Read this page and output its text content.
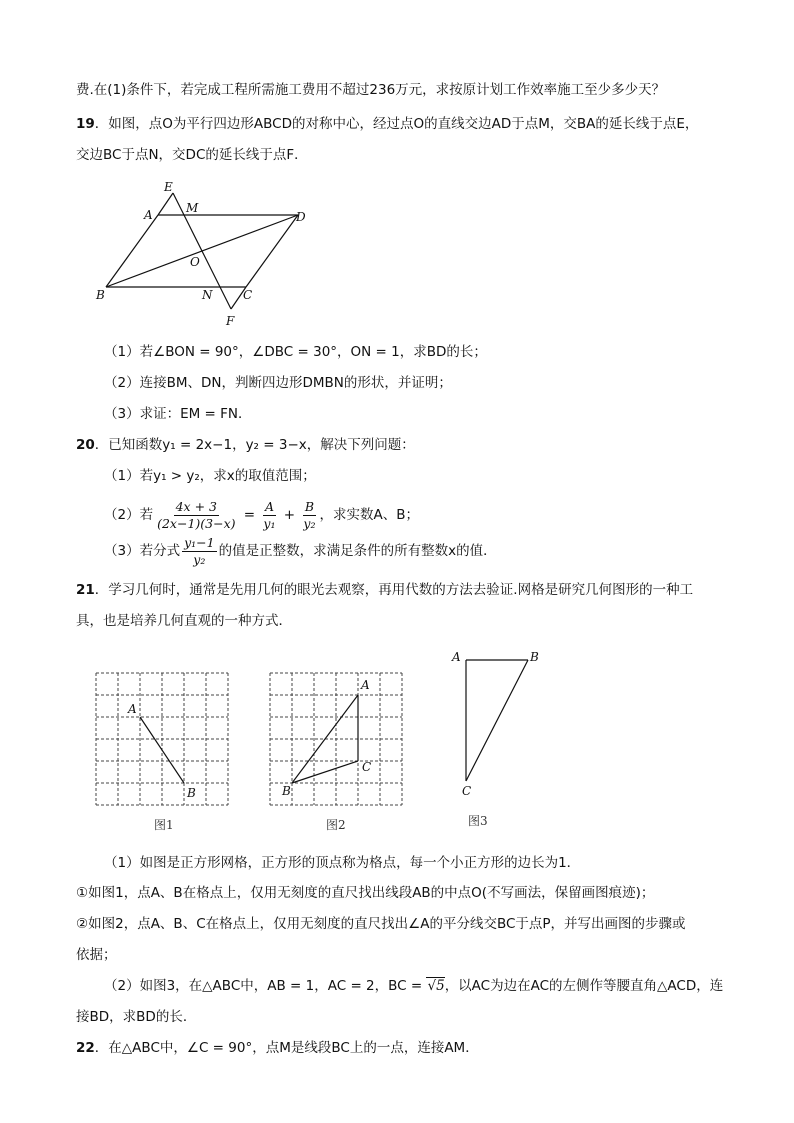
费.在(1)条件下，若完成工程所需施工费用不超过236万元，求按原计划工作效率施工至少多少天？
19．如图，点O为平行四边形ABCD的对称中心，经过点O的直线交边AD于点M，交BA的延长线于点E，
交边BC于点N，交DC的延长线于点F．
E
A	M
D
O
B	N	C
F
（1）若∠BON = 90°，∠DBC = 30°，ON = 1，求BD的长；
（2）连接BM、DN，判断四边形DMBN的形状，并证明；
（3）求证：EM = FN．
20．已知函数y₁ = 2x−1，y₂ = 3−x，解决下列问题：
（1）若y₁ > y₂，求x的取值范围；
（2）若 $\frac{4x + 3}{(2x-1)(3-x)} = \frac{A}{\text{y₁}} + \frac{B}{\text{y₂}}$ ，求实数A、B；
（3）若分式 $\frac{\text{y₁−1}}{\text{y₂}}$ 的值是正整数，求满足条件的所有整数x的值．
21．学习几何时，通常是先用几何的眼光去观察，再用代数的方法去验证.网格是研究几何图形的一种工
具，也是培养几何直观的一种方式．
A
B
图1
A
B
C
图2
A	B
C
图3
（1）如图是正方形网格，正方形的顶点称为格点，每一个小正方形的边长为1．
①如图1，点A、B在格点上，仅用无刻度的直尺找出线段AB的中点O(不写画法，保留画图痕迹)；
②如图2，点A、B、C在格点上，仅用无刻度的直尺找出∠A的平分线交BC于点P，并写出画图的步骤或
依据；
（2）如图3，在△ABC中，AB = 1，AC = 2，BC = √5，以AC为边在AC的左侧作等腰直角△ACD，连
接BD，求BD的长．
22．在△ABC中，∠C = 90°，点M是线段BC上的一点，连接AM．
